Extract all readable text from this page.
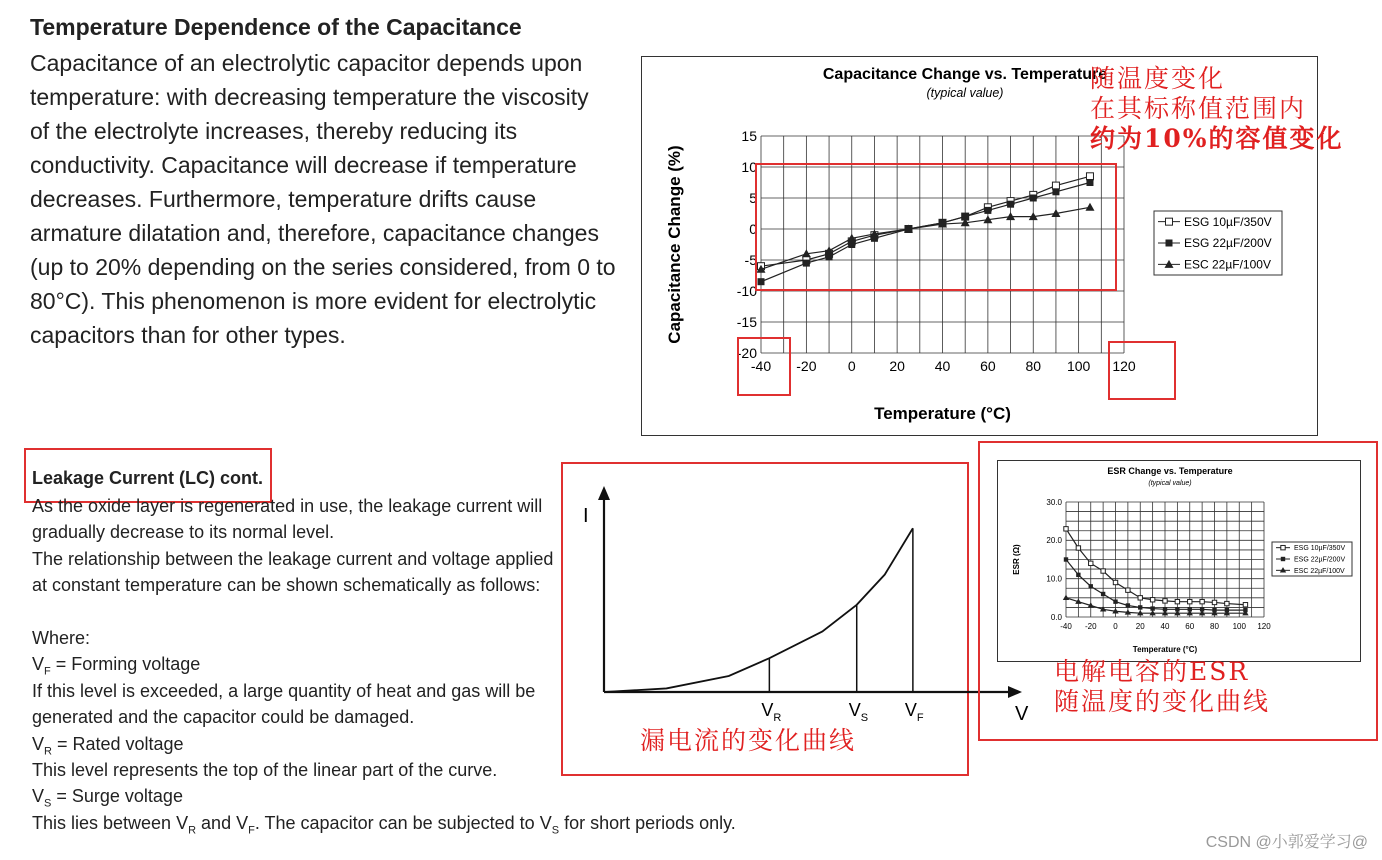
Temperature Dependence of the Capacitance
Capacitance of an electrolytic capacitor depends upon
temperature: with decreasing temperature the viscosity
of the electrolyte increases, thereby reducing its
conductivity. Capacitance will decrease if temperature
decreases. Furthermore, temperature drifts cause
armature dilatation and, therefore, capacitance changes
(up to 20% depending on the series considered, from 0 to
80°C). This phenomenon is more evident for electrolytic
capacitors than for other types.
Capacitance Change vs. Temperature
(typical value)
-40 -20 0 20 40 60 80 100 120
15
10
5
0
-5
-10
-15
-20
Temperature (°C)
Capacitance Change (%)	ESG 10µF/350V
ESG 22µF/200V
ESC 22µF/100V
随温度变化
在其标称值范围内
约为10%的容值变化
Leakage Current (LC) cont.
As the oxide layer is regenerated in use, the leakage current will
gradually decrease to its normal level.
The relationship between the leakage current and voltage applied
at constant temperature can be shown schematically as follows:
Where:
$V_F = Forming$ voltage
If this level is exceeded, a large quantity of heat and gas will be
generated and the capacitor could be damaged.
$V_R$ = Rated voltage
This level represents the top of the linear part of the curve.
$V_S$ = Surge voltage
This lies between $V_R$ and $V_F$. The capacitor can be subjected to $V_S$ for short periods only.
I
V
$V_R$	$V_S$ $V_F$
漏电流的变化曲线
ESR Change vs. Temperature
(typical value)
-40 -20 0 20 40 60 80 100 120
30.0
20.0
10.0
0.0
Temperature (°C)
ESR (Ω)	ESG 10µF/350V
ESG 22µF/200V
ESC 22µF/100V
电解电容的ESR
随温度的变化曲线
CSDN @小郭爱学习@
